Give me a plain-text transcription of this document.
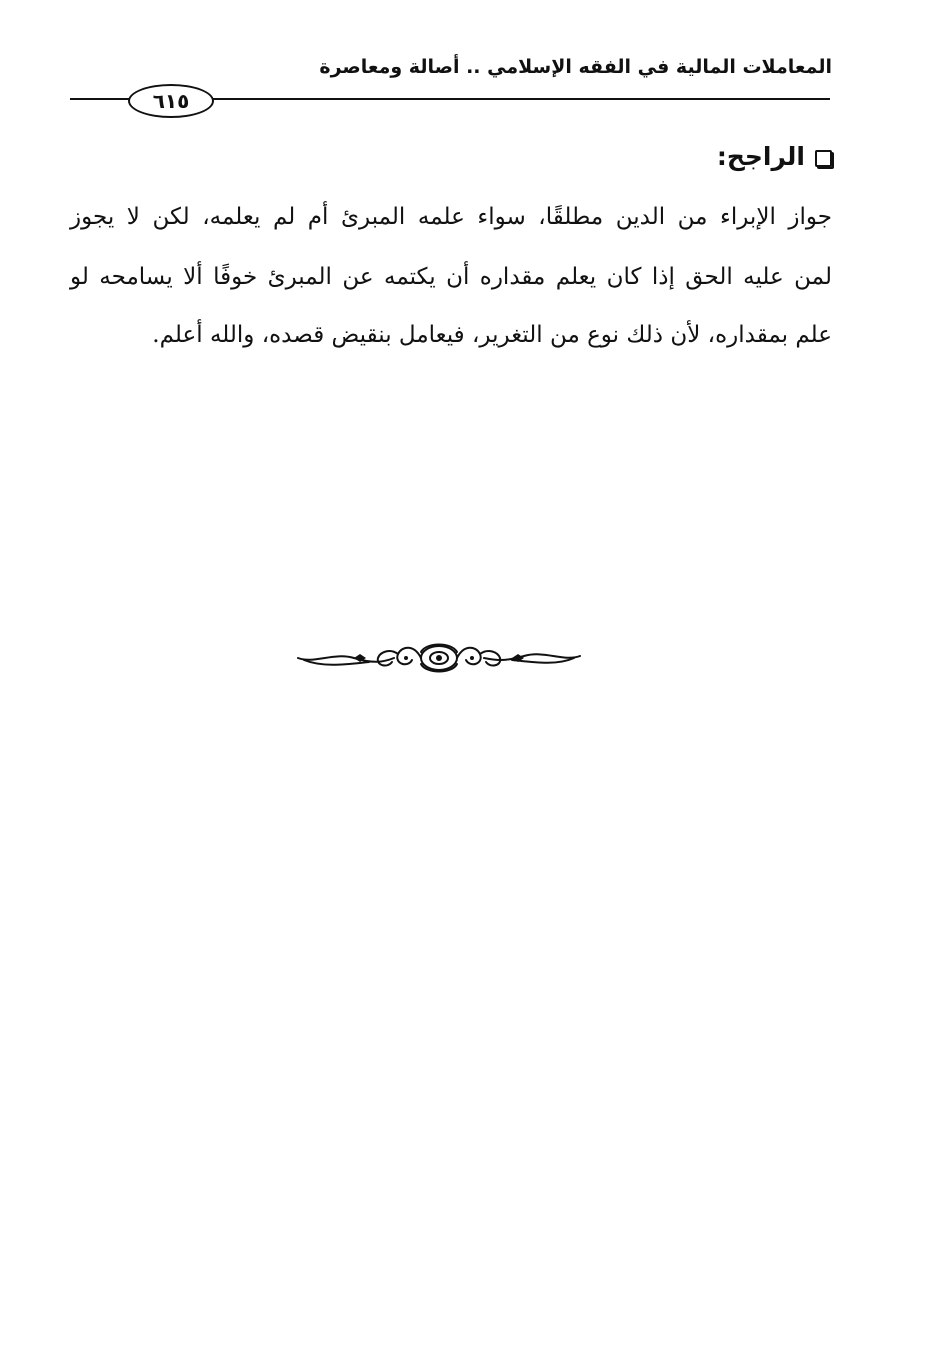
المعاملات المالية في الفقه الإسلامي .. أصالة ومعاصرة
٦١٥
الراجح:
جواز الإبراء من الدين مطلقًا، سواء علمه المبرئ أم لم يعلمه، لكن لا يجوز
لمن عليه الحق إذا كان يعلم مقداره أن يكتمه عن المبرئ خوفًا ألا يسامحه لو
علم بمقداره، لأن ذلك نوع من التغرير، فيعامل بنقيض قصده، والله أعلم.
